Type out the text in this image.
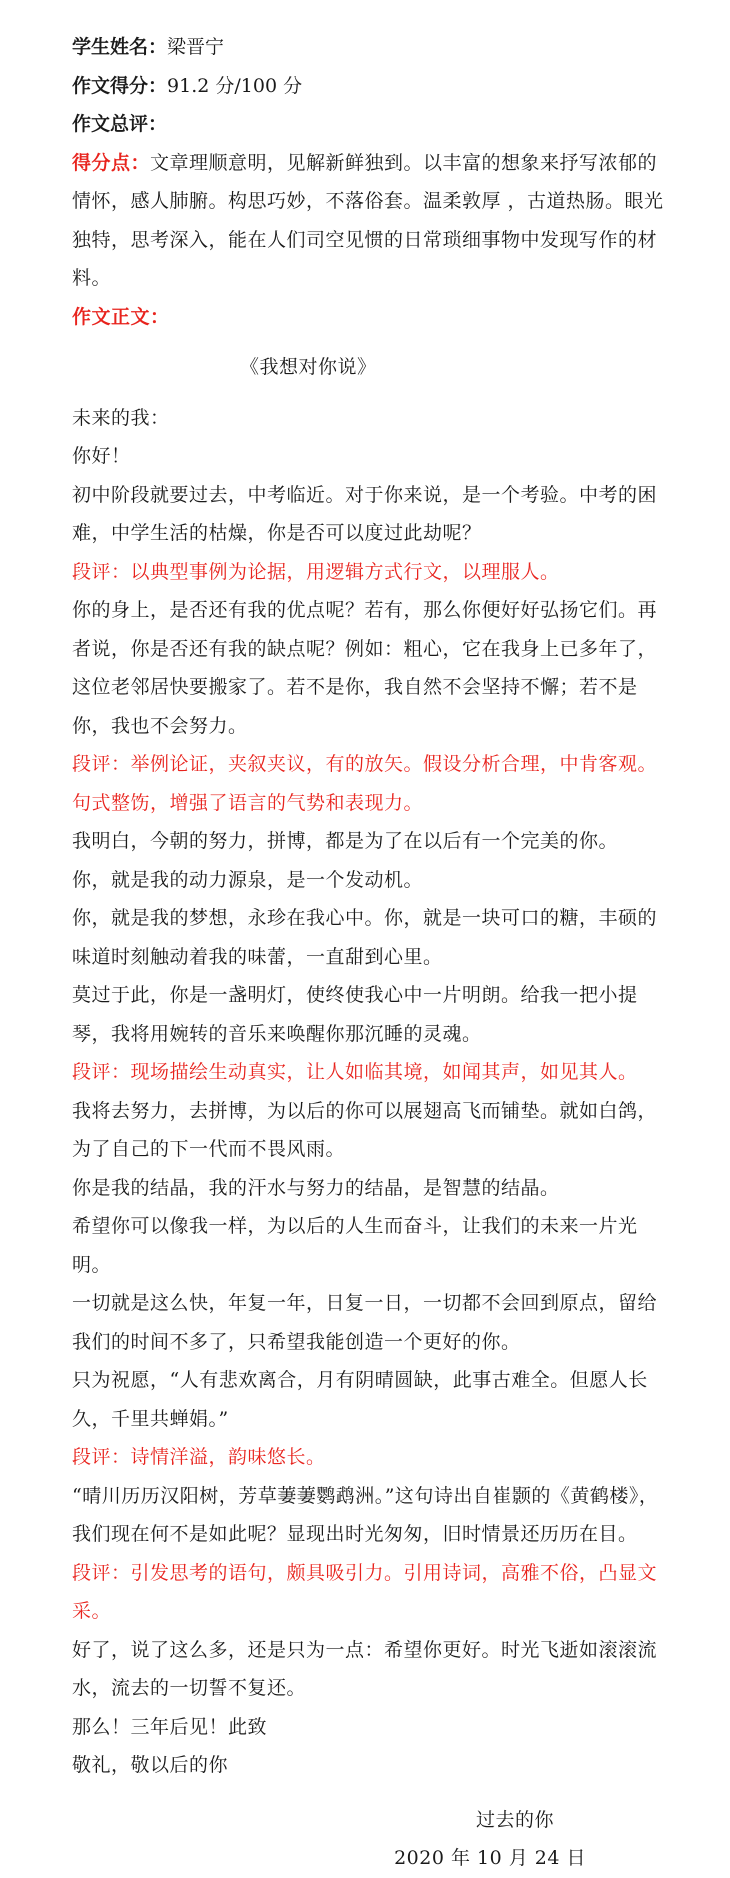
学生姓名：梁晋宁
作文得分：91.2 分/100 分
作文总评：
得分点：文章理顺意明，见解新鲜独到。以丰富的想象来抒写浓郁的情怀，感人肺腑。构思巧妙，不落俗套。温柔敦厚 ，古道热肠。眼光独特，思考深入，能在人们司空见惯的日常琐细事物中发现写作的材料。
作文正文：
《我想对你说》
未来的我：
你好！
初中阶段就要过去，中考临近。对于你来说，是一个考验。中考的困难，中学生活的枯燥，你是否可以度过此劫呢？
段评：以典型事例为论据，用逻辑方式行文，以理服人。
你的身上，是否还有我的优点呢？若有，那么你便好好弘扬它们。再者说，你是否还有我的缺点呢？例如：粗心，它在我身上已多年了，这位老邻居快要搬家了。若不是你，我自然不会坚持不懈；若不是你，我也不会努力。
段评：举例论证，夹叙夹议，有的放矢。假设分析合理，中肯客观。句式整饬，增强了语言的气势和表现力。
我明白，今朝的努力，拼博，都是为了在以后有一个完美的你。
你，就是我的动力源泉，是一个发动机。
你，就是我的梦想，永珍在我心中。你，就是一块可口的糖，丰硕的味道时刻触动着我的味蕾，一直甜到心里。
莫过于此，你是一盏明灯，使终使我心中一片明朗。给我一把小提琴，我将用婉转的音乐来唤醒你那沉睡的灵魂。
段评：现场描绘生动真实，让人如临其境，如闻其声，如见其人。
我将去努力，去拼博，为以后的你可以展翅高飞而铺垫。就如白鸽，为了自己的下一代而不畏风雨。
你是我的结晶，我的汗水与努力的结晶，是智慧的结晶。
希望你可以像我一样，为以后的人生而奋斗，让我们的未来一片光明。
一切就是这么快，年复一年，日复一日，一切都不会回到原点，留给我们的时间不多了，只希望我能创造一个更好的你。
只为祝愿，“人有悲欢离合，月有阴晴圆缺，此事古难全。但愿人长久，千里共蝉娟。”
段评：诗情洋溢，韵味悠长。
“晴川历历汉阳树，芳草萋萋鹦鹉洲。”这句诗出自崔颢的《黄鹤楼》，我们现在何不是如此呢？显现出时光匆匆，旧时情景还历历在目。
段评：引发思考的语句，颇具吸引力。引用诗词，高雅不俗，凸显文采。
好了，说了这么多，还是只为一点：希望你更好。时光飞逝如滚滚流水，流去的一切誓不复还。
那么！三年后见！此致
敬礼，敬以后的你
过去的你
2020 年 10 月 24 日
